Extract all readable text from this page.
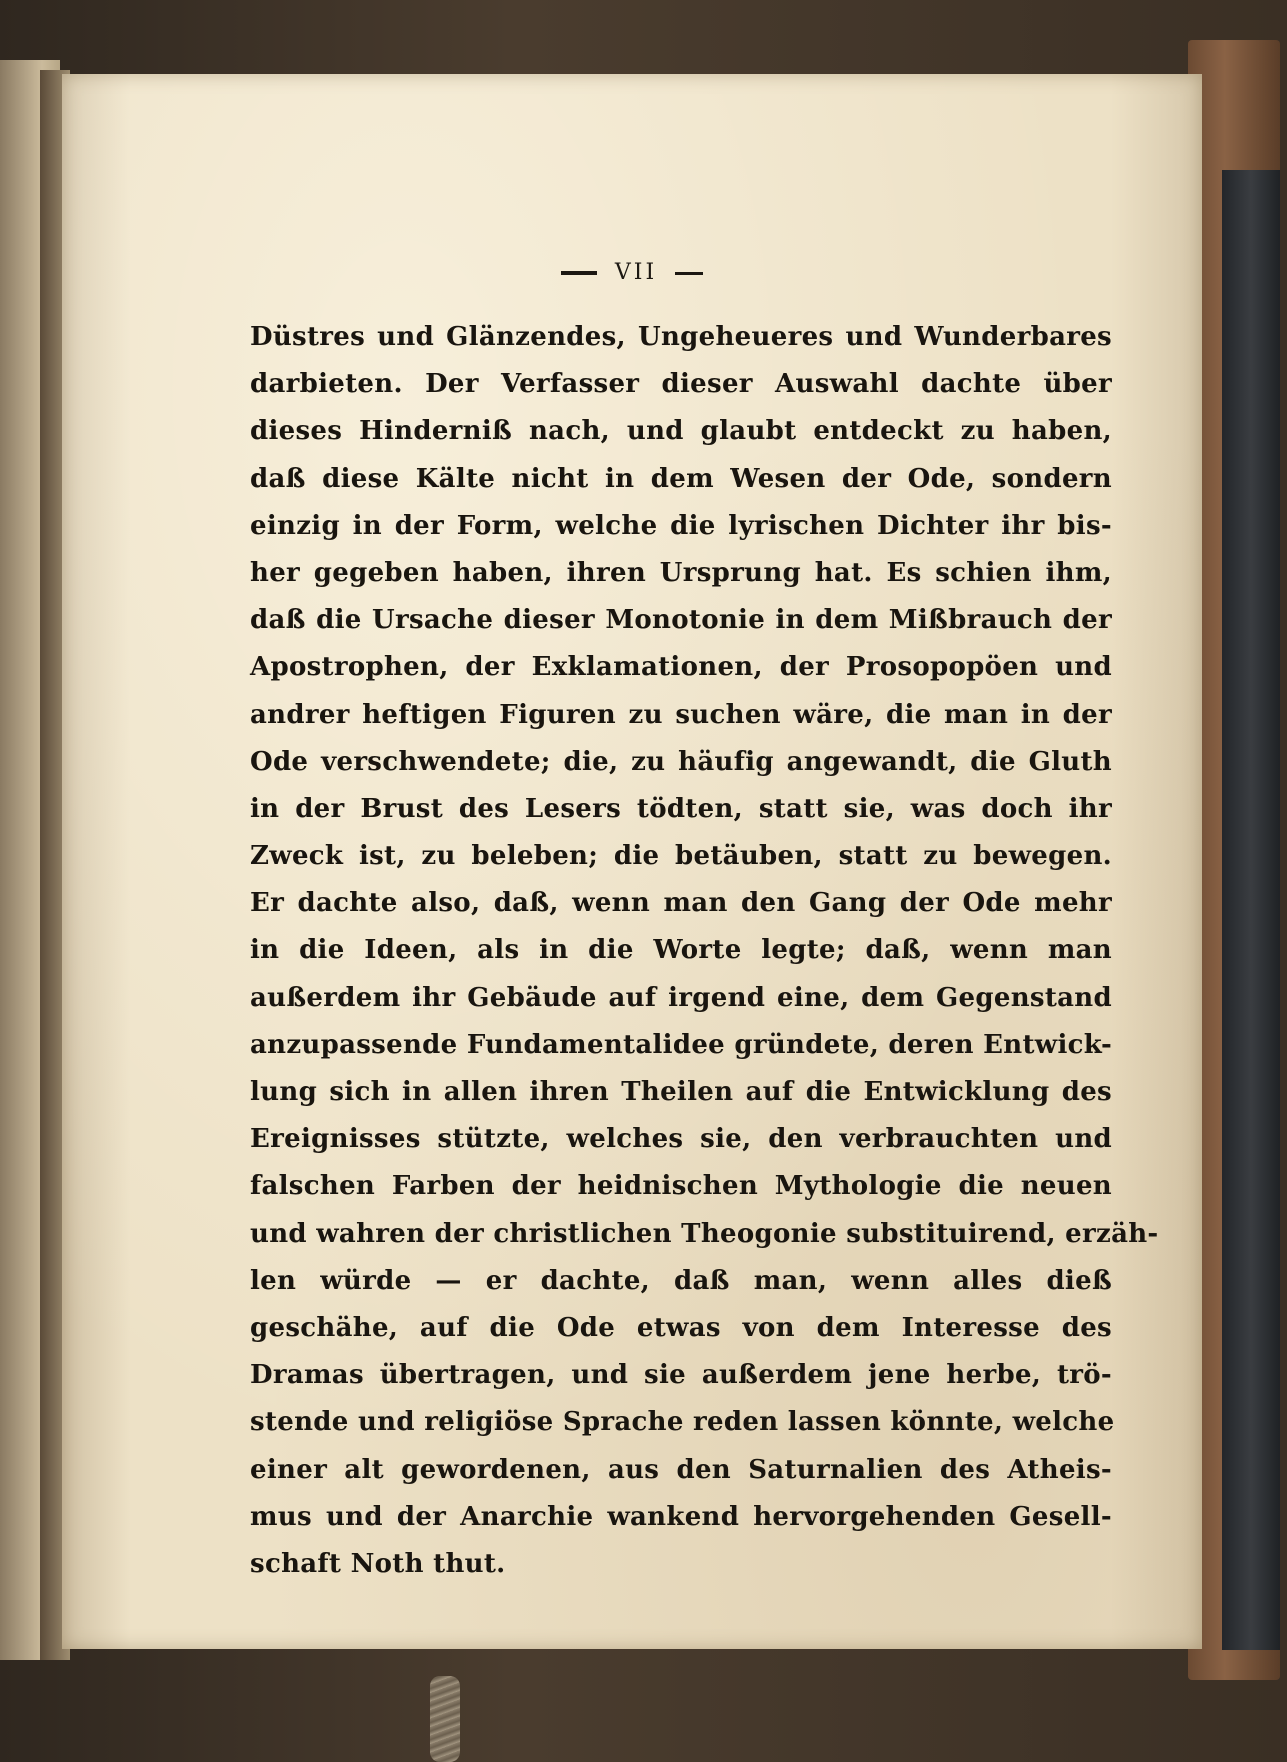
VII
Düstres und Glänzendes, Ungeheueres und Wunderbares
darbieten. Der Verfasser dieser Auswahl dachte über
dieses Hinderniß nach, und glaubt entdeckt zu haben,
daß diese Kälte nicht in dem Wesen der Ode, sondern
einzig in der Form, welche die lyrischen Dichter ihr bis-
her gegeben haben, ihren Ursprung hat. Es schien ihm,
daß die Ursache dieser Monotonie in dem Mißbrauch der
Apostrophen, der Exklamationen, der Prosopopöen und
andrer heftigen Figuren zu suchen wäre, die man in der
Ode verschwendete; die, zu häufig angewandt, die Gluth
in der Brust des Lesers tödten, statt sie, was doch ihr
Zweck ist, zu beleben; die betäuben, statt zu bewegen.
Er dachte also, daß, wenn man den Gang der Ode mehr
in die Ideen, als in die Worte legte; daß, wenn man
außerdem ihr Gebäude auf irgend eine, dem Gegenstand
anzupassende Fundamentalidee gründete, deren Entwick-
lung sich in allen ihren Theilen auf die Entwicklung des
Ereignisses stützte, welches sie, den verbrauchten und
falschen Farben der heidnischen Mythologie die neuen
und wahren der christlichen Theogonie substituirend, erzäh-
len würde — er dachte, daß man, wenn alles dieß
geschähe, auf die Ode etwas von dem Interesse des
Dramas übertragen, und sie außerdem jene herbe, trö-
stende und religiöse Sprache reden lassen könnte, welche
einer alt gewordenen, aus den Saturnalien des Atheis-
mus und der Anarchie wankend hervorgehenden Gesell-
schaft Noth thut.
